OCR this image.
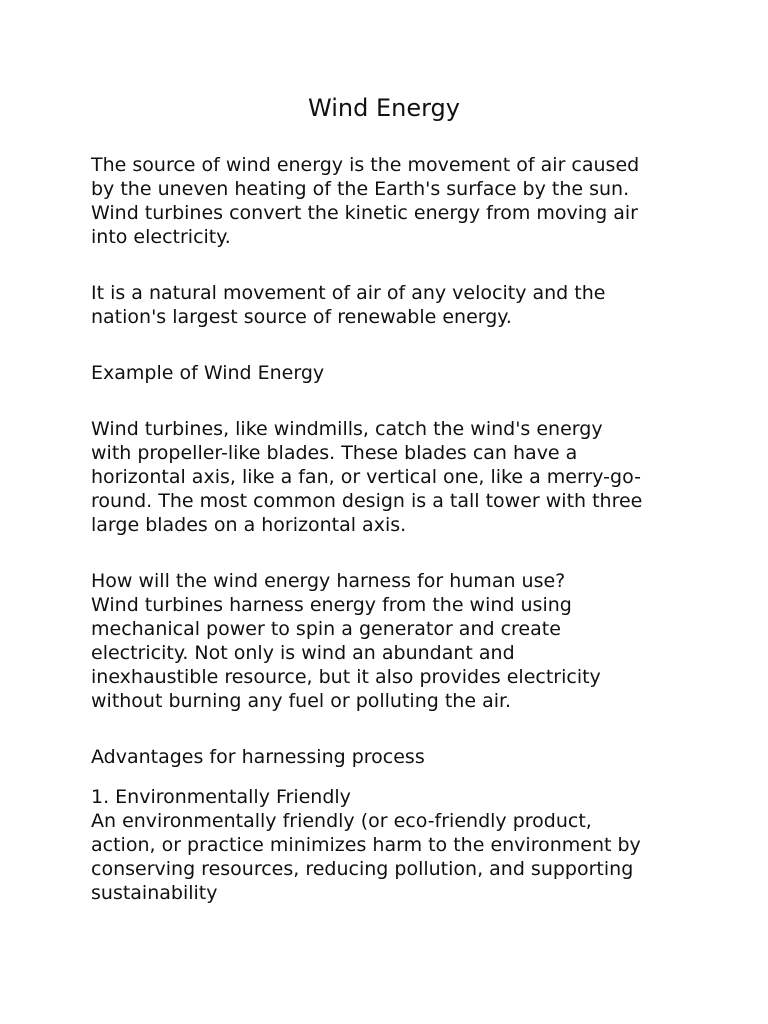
Wind Energy

The source of wind energy is the movement of air caused
by the uneven heating of the Earth's surface by the sun.
Wind turbines convert the kinetic energy from moving air
into electricity.

It is a natural movement of air of any velocity and the
nation's largest source of renewable energy.

Example of Wind Energy

Wind turbines, like windmills, catch the wind's energy
with propeller-like blades. These blades can have a
horizontal axis, like a fan, or vertical one, like a merry-go-
round. The most common design is a tall tower with three
large blades on a horizontal axis.

How will the wind energy harness for human use?
Wind turbines harness energy from the wind using
mechanical power to spin a generator and create
electricity. Not only is wind an abundant and
inexhaustible resource, but it also provides electricity
without burning any fuel or polluting the air.

Advantages for harnessing process

1. Environmentally Friendly
An environmentally friendly (or eco-friendly product,
action, or practice minimizes harm to the environment by
conserving resources, reducing pollution, and supporting
sustainability
